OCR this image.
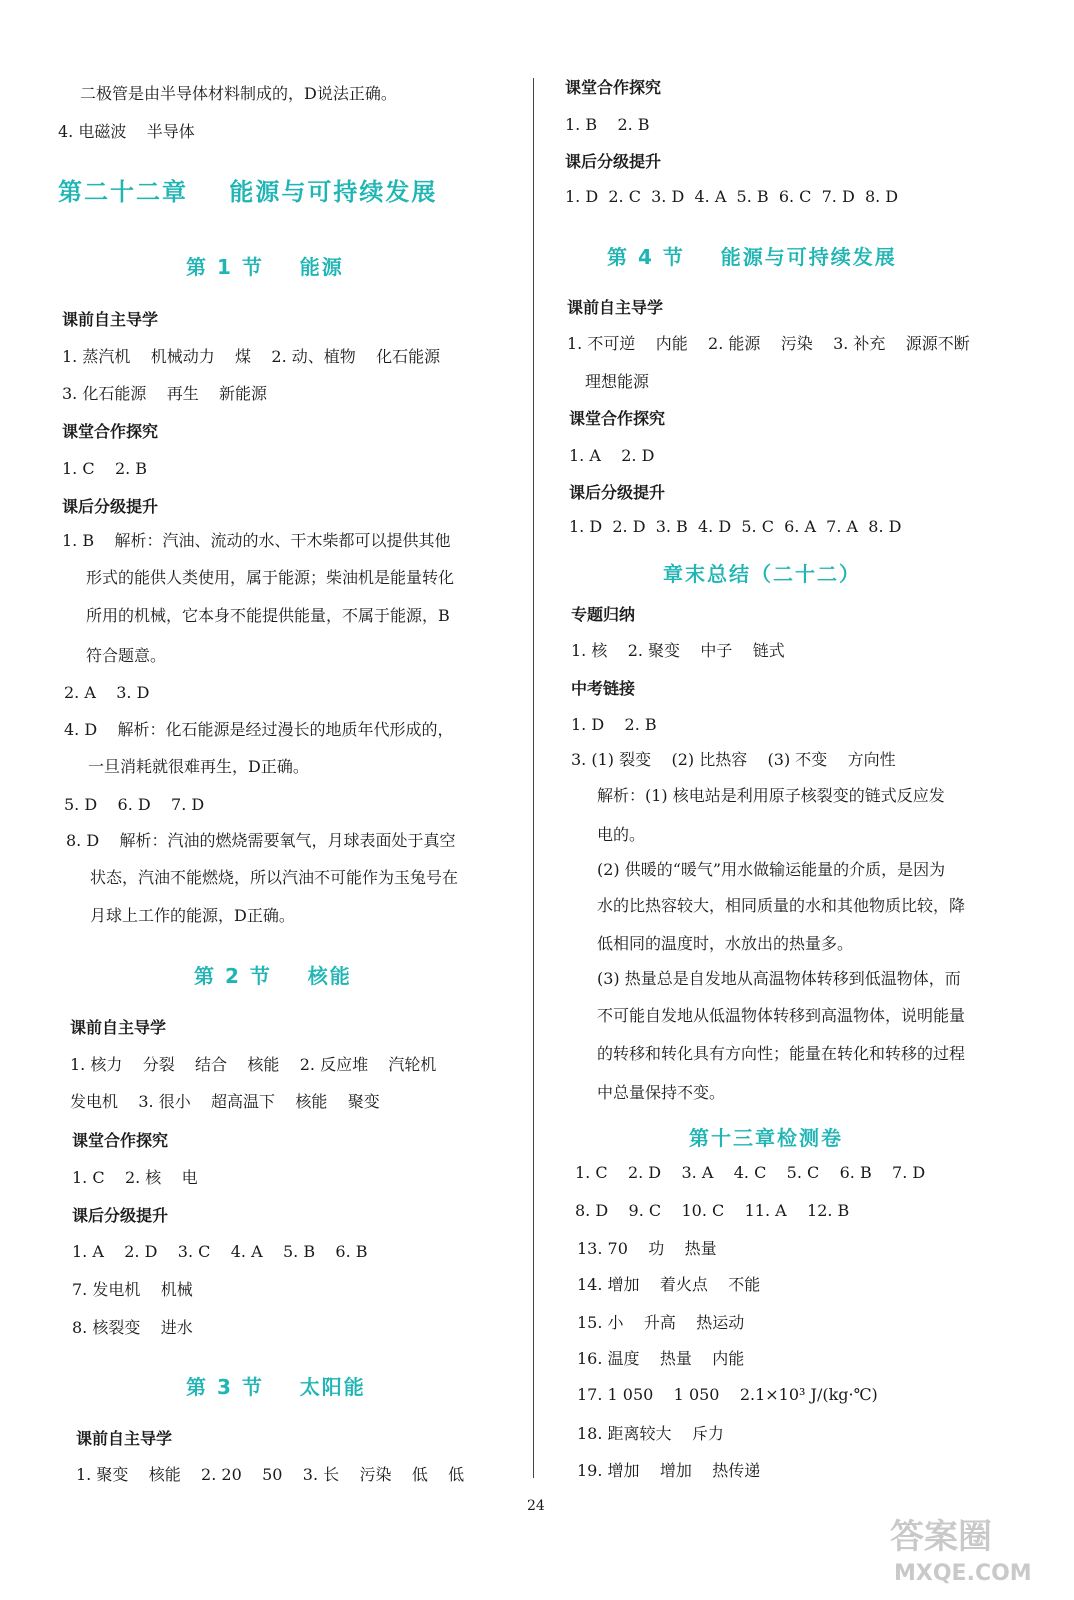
二极管是由半导体材料制成的，D说法正确。
4. 电磁波    半导体
第二十二章    能源与可持续发展
第 1 节    能源
课前自主导学
1. 蒸汽机    机械动力    煤    2. 动、植物    化石能源
3. 化石能源    再生    新能源
课堂合作探究
1. C    2. B
课后分级提升
1. B    解析：汽油、流动的水、干木柴都可以提供其他
形式的能供人类使用，属于能源；柴油机是能量转化
所用的机械，它本身不能提供能量，不属于能源，B
符合题意。
2. A    3. D
4. D    解析：化石能源是经过漫长的地质年代形成的，
一旦消耗就很难再生，D正确。
5. D    6. D    7. D
8. D    解析：汽油的燃烧需要氧气，月球表面处于真空
状态，汽油不能燃烧，所以汽油不可能作为玉兔号在
月球上工作的能源，D正确。
第 2 节    核能
课前自主导学
1. 核力    分裂    结合    核能    2. 反应堆    汽轮机
发电机    3. 很小    超高温下    核能    聚变
课堂合作探究
1. C    2. 核    电
课后分级提升
1. A    2. D    3. C    4. A    5. B    6. B
7. 发电机    机械
8. 核裂变    进水
第 3 节    太阳能
课前自主导学
1. 聚变    核能    2. 20    50    3. 长    污染    低    低
课堂合作探究
1. B    2. B
课后分级提升
1. D  2. C  3. D  4. A  5. B  6. C  7. D  8. D
第 4 节    能源与可持续发展
课前自主导学
1. 不可逆    内能    2. 能源    污染    3. 补充    源源不断
理想能源
课堂合作探究
1. A    2. D
课后分级提升
1. D  2. D  3. B  4. D  5. C  6. A  7. A  8. D
章末总结（二十二）
专题归纳
1. 核    2. 聚变    中子    链式
中考链接
1. D    2. B
3. (1) 裂变    (2) 比热容    (3) 不变    方向性
解析：(1) 核电站是利用原子核裂变的链式反应发
电的。
(2) 供暖的“暖气”用水做输运能量的介质，是因为
水的比热容较大，相同质量的水和其他物质比较，降
低相同的温度时，水放出的热量多。
(3) 热量总是自发地从高温物体转移到低温物体，而
不可能自发地从低温物体转移到高温物体，说明能量
的转移和转化具有方向性；能量在转化和转移的过程
中总量保持不变。
第十三章检测卷
1. C    2. D    3. A    4. C    5. C    6. B    7. D
8. D    9. C    10. C    11. A    12. B
13. 70    功    热量
14. 增加    着火点    不能
15. 小    升高    热运动
16. 温度    热量    内能
17. 1 050    1 050    2.1×10³ J/(kg·℃)
18. 距离较大    斥力
19. 增加    增加    热传递
24
答案圈
MXQE.COM
